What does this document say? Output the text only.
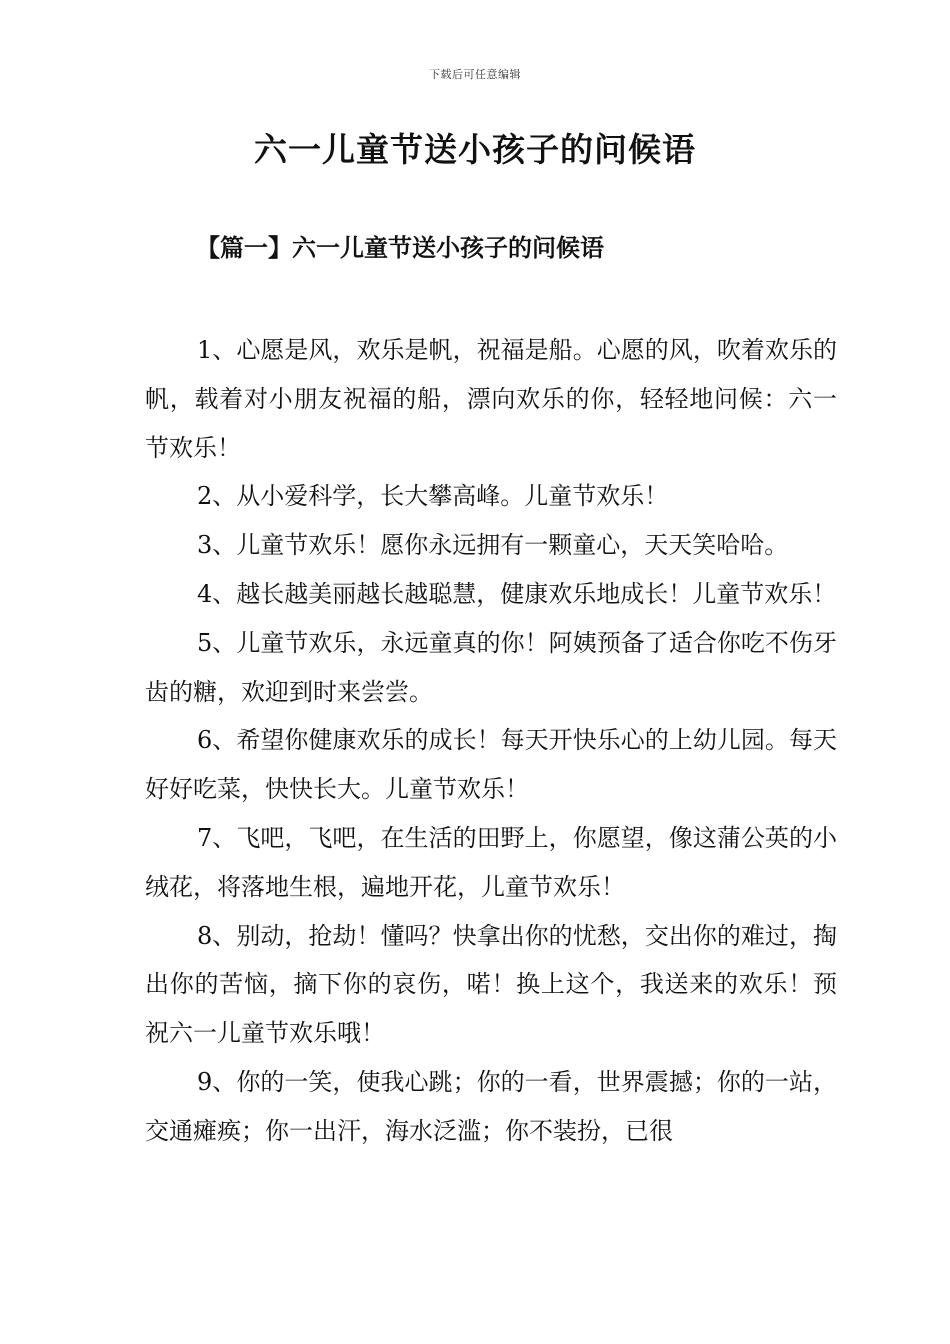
下载后可任意编辑
六一儿童节送小孩子的问候语
【篇一】六一儿童节送小孩子的问候语

1、心愿是风，欢乐是帆，祝福是船。心愿的风，吹着欢乐的帆，载着对小朋友祝福的船，漂向欢乐的你，轻轻地问候：六一节欢乐！

2、从小爱科学，长大攀高峰。儿童节欢乐！

3、儿童节欢乐！愿你永远拥有一颗童心，天天笑哈哈。

4、越长越美丽越长越聪慧，健康欢乐地成长！儿童节欢乐！

5、儿童节欢乐，永远童真的你！阿姨预备了适合你吃不伤牙齿的糖，欢迎到时来尝尝。

6、希望你健康欢乐的成长！每天开快乐心的上幼儿园。每天好好吃菜，快快长大。儿童节欢乐！

7、飞吧，飞吧，在生活的田野上，你愿望，像这蒲公英的小绒花，将落地生根，遍地开花，儿童节欢乐！

8、别动，抢劫！懂吗？快拿出你的忧愁，交出你的难过，掏出你的苦恼，摘下你的哀伤，喏！换上这个，我送来的欢乐！预祝六一儿童节欢乐哦！

9、你的一笑，使我心跳；你的一看，世界震撼；你的一站，交通瘫痪；你一出汗，海水泛滥；你不装扮，已很
